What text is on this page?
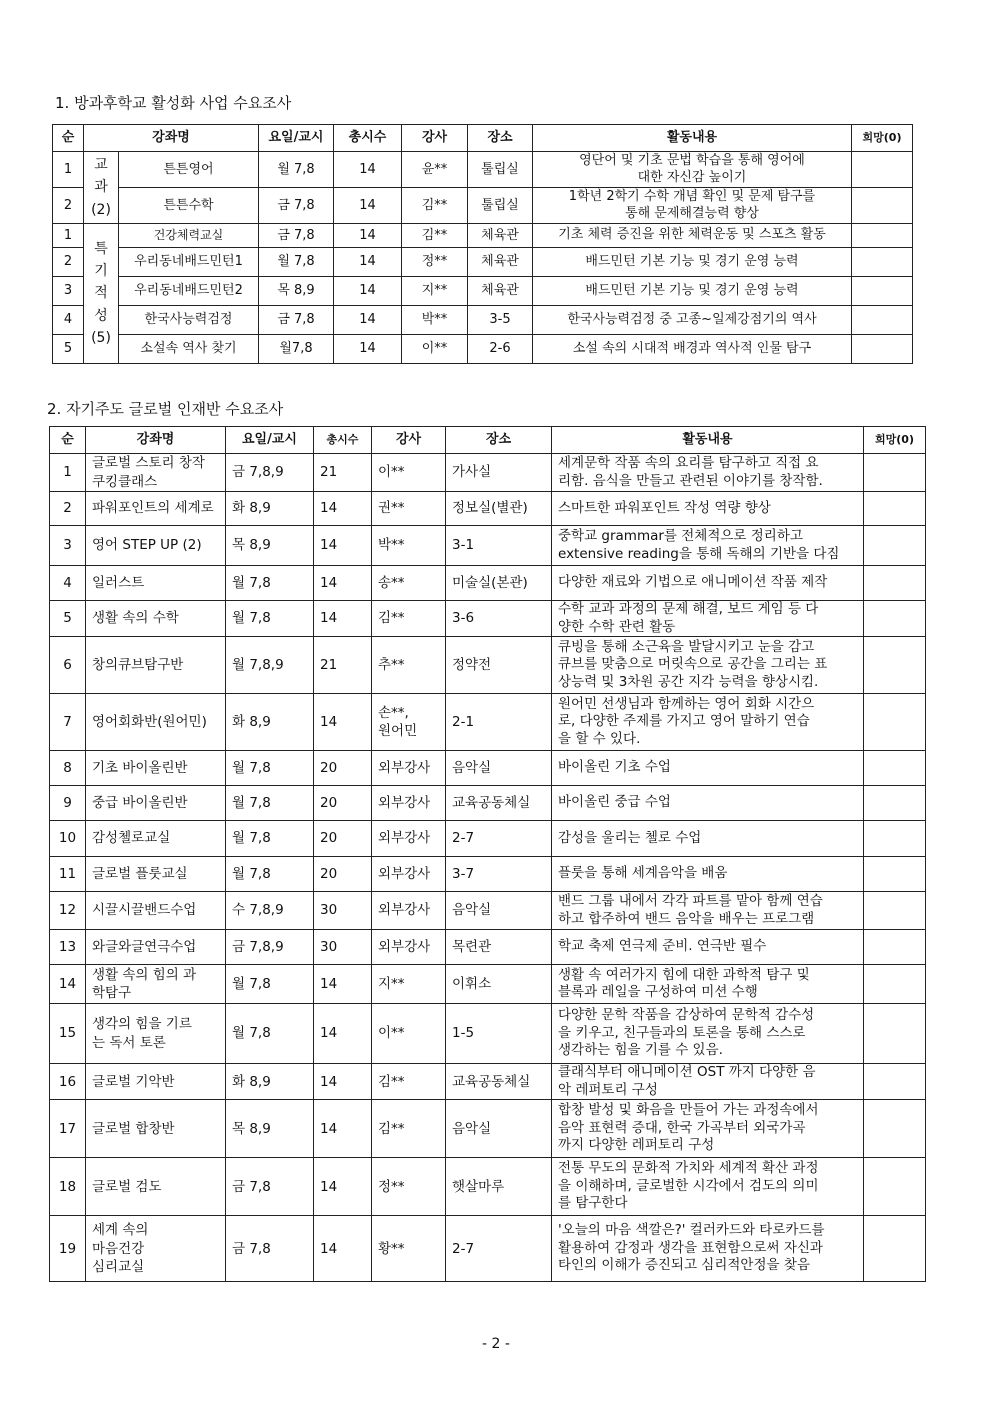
1. 방과후학교 활성화 사업 수요조사
순	강좌명		요일/교시	총시수	강사	장소	활동내용	희망(0)
1	교
과
(2)	튼튼영어	월 7,8	14	윤**	툴립실	영단어 및 기초 문법 학습을 통해 영어에
대한 자신감 높이기	
2		튼튼수학	금 7,8	14	김**	툴립실	1학년 2학기 수학 개념 확인 및 문제 탐구를
통해 문제해결능력 향상	
1	특
기
적
성
(5)	건강체력교실	금 7,8	14	김**	체육관	기초 체력 증진을 위한 체력운동 및 스포츠 활동	
2		우리동네배드민턴1	월 7,8	14	정**	체육관	배드민턴 기본 기능 및 경기 운영 능력	
3		우리동네배드민턴2	목 8,9	14	지**	체육관	배드민턴 기본 기능 및 경기 운영 능력	
4		한국사능력검정	금 7,8	14	박**	3-5	한국사능력검정 중 고종~일제강점기의 역사	
5		소설속 역사 찾기	월7,8	14	이**	2-6	소설 속의 시대적 배경과 역사적 인물 탐구	
2. 자기주도 글로벌 인재반 수요조사
순	강좌명	요일/교시	총시수	강사	장소	활동내용	희망(0)
1	글로벌 스토리 창작
쿠킹클래스	금 7,8,9	21	이**	가사실	세계문학 작품 속의 요리를 탐구하고 직접 요
리함. 음식을 만들고 관련된 이야기를 창작함.	
2	파워포인트의 세계로	화 8,9	14	권**	정보실(별관)	스마트한 파워포인트 작성 역량 향상	
3	영어 STEP UP (2)	목 8,9	14	박**	3-1	중학교 grammar를 전체적으로 정리하고
extensive reading을 통해 독해의 기반을 다짐	
4	일러스트	월 7,8	14	송**	미술실(본관)	다양한 재료와 기법으로 애니메이션 작품 제작	
5	생활 속의 수학	월 7,8	14	김**	3-6	수학 교과 과정의 문제 해결, 보드 게임 등 다
양한 수학 관련 활동	
6	창의큐브탐구반	월 7,8,9	21	추**	정약전	큐빙을 통해 소근육을 발달시키고 눈을 감고
큐브를 맞춤으로 머릿속으로 공간을 그리는 표
상능력 및 3차원 공간 지각 능력을 향상시킴.	
7	영어회화반(원어민)	화 8,9	14	손**,
원어민	2-1	원어민 선생님과 함께하는 영어 회화 시간으
로, 다양한 주제를 가지고 영어 말하기 연습
을 할 수 있다.	
8	기초 바이올린반	월 7,8	20	외부강사	음악실	바이올린 기초 수업	
9	중급 바이올린반	월 7,8	20	외부강사	교육공동체실	바이올린 중급 수업	
10	감성첼로교실	월 7,8	20	외부강사	2-7	감성을 울리는 첼로 수업	
11	글로벌 플룻교실	월 7,8	20	외부강사	3-7	플룻을 통해 세계음악을 배움	
12	시끌시끌밴드수업	수 7,8,9	30	외부강사	음악실	밴드 그룹 내에서 각각 파트를 맡아 함께 연습
하고 합주하여 밴드 음악을 배우는 프로그램	
13	와글와글연극수업	금 7,8,9	30	외부강사	목련관	학교 축제 연극제 준비. 연극반 필수	
14	생활 속의 힘의 과
학탐구	월 7,8	14	지**	이휘소	생활 속 여러가지 힘에 대한 과학적 탐구 및
블록과 레일을 구성하여 미션 수행	
15	생각의 힘을 기르
는 독서 토론	월 7,8	14	이**	1-5	다양한 문학 작품을 감상하여 문학적 감수성
을 키우고, 친구들과의 토론을 통해 스스로
생각하는 힘을 기를 수 있음.	
16	글로벌 기악반	화 8,9	14	김**	교육공동체실	클래식부터 애니메이션 OST 까지 다양한 음
악 레퍼토리 구성	
17	글로벌 합창반	목 8,9	14	김**	음악실	합창 발성 및 화음을 만들어 가는 과정속에서
음악 표현력 증대, 한국 가곡부터 외국가곡
까지 다양한 레퍼토리 구성	
18	글로벌 검도	금 7,8	14	정**	햇살마루	전통 무도의 문화적 가치와 세계적 확산 과정
을 이해하며, 글로벌한 시각에서 검도의 의미
를 탐구한다	
19	세계 속의
마음건강
심리교실	금 7,8	14	황**	2-7	'오늘의 마음 색깔은?' 컬러카드와 타로카드를
활용하여 감정과 생각을 표현함으로써 자신과
타인의 이해가 증진되고 심리적안정을 찾음	
- 2 -
